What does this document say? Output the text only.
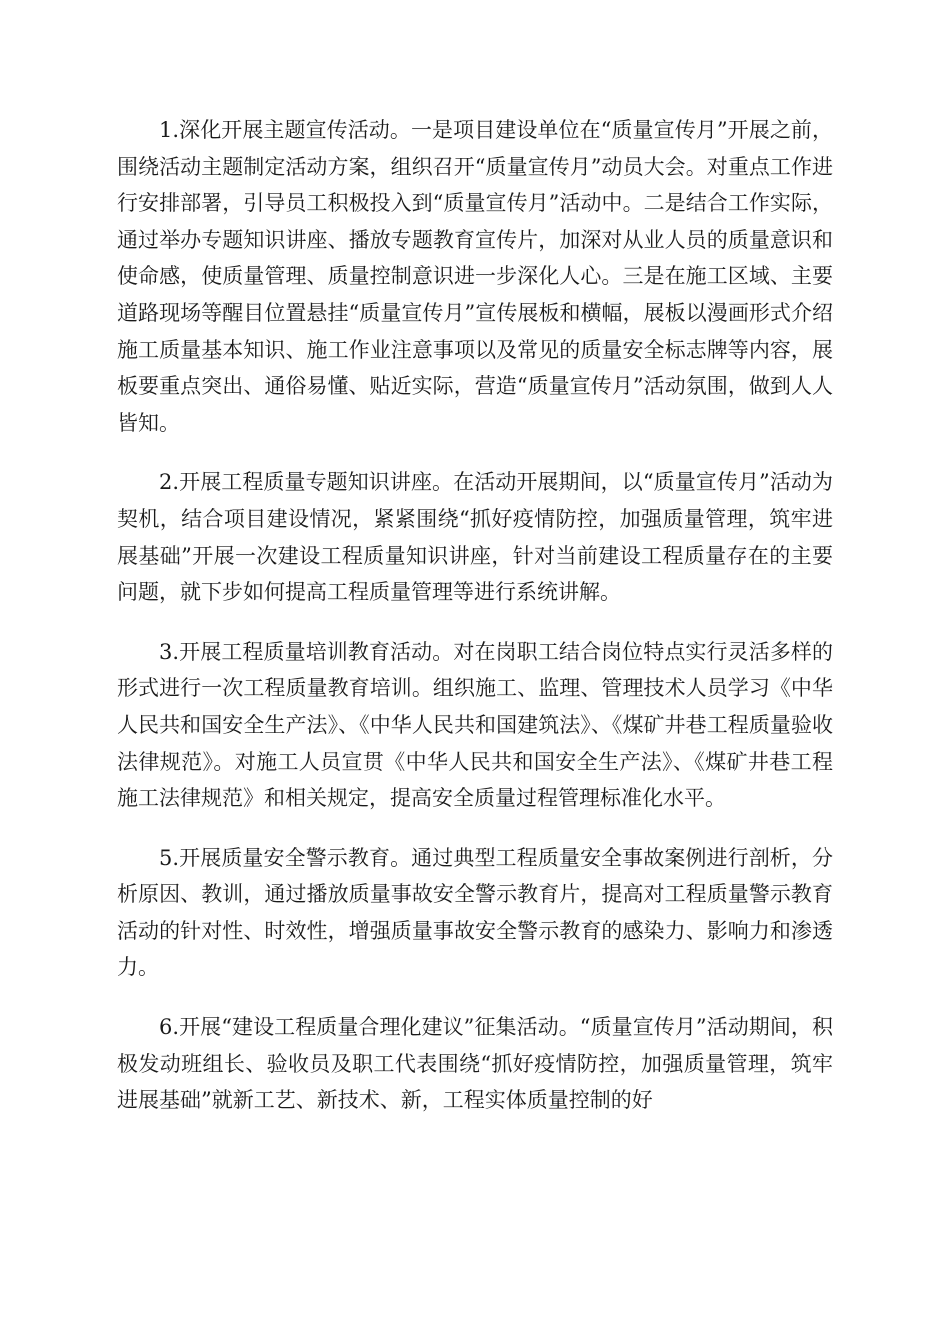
1.深化开展主题宣传活动。一是项目建设单位在“质量宣传月”开展之前，围绕活动主题制定活动方案，组织召开“质量宣传月”动员大会。对重点工作进行安排部署，引导员工积极投入到“质量宣传月”活动中。二是结合工作实际，通过举办专题知识讲座、播放专题教育宣传片，加深对从业人员的质量意识和使命感，使质量管理、质量控制意识进一步深化人心。三是在施工区域、主要道路现场等醒目位置悬挂“质量宣传月”宣传展板和横幅，展板以漫画形式介绍施工质量基本知识、施工作业注意事项以及常见的质量安全标志牌等内容，展板要重点突出、通俗易懂、贴近实际，营造“质量宣传月”活动氛围，做到人人皆知。

2.开展工程质量专题知识讲座。在活动开展期间，以“质量宣传月”活动为契机，结合项目建设情况，紧紧围绕“抓好疫情防控，加强质量管理，筑牢进展基础”开展一次建设工程质量知识讲座，针对当前建设工程质量存在的主要问题，就下步如何提高工程质量管理等进行系统讲解。

3.开展工程质量培训教育活动。对在岗职工结合岗位特点实行灵活多样的形式进行一次工程质量教育培训。组织施工、监理、管理技术人员学习《中华人民共和国安全生产法》、《中华人民共和国建筑法》、《煤矿井巷工程质量验收法律规范》。对施工人员宣贯《中华人民共和国安全生产法》、《煤矿井巷工程施工法律规范》和相关规定，提高安全质量过程管理标准化水平。

5.开展质量安全警示教育。通过典型工程质量安全事故案例进行剖析，分析原因、教训，通过播放质量事故安全警示教育片，提高对工程质量警示教育活动的针对性、时效性，增强质量事故安全警示教育的感染力、影响力和渗透力。

6.开展“建设工程质量合理化建议”征集活动。“质量宣传月”活动期间，积极发动班组长、验收员及职工代表围绕“抓好疫情防控，加强质量管理，筑牢进展基础”就新工艺、新技术、新，工程实体质量控制的好
